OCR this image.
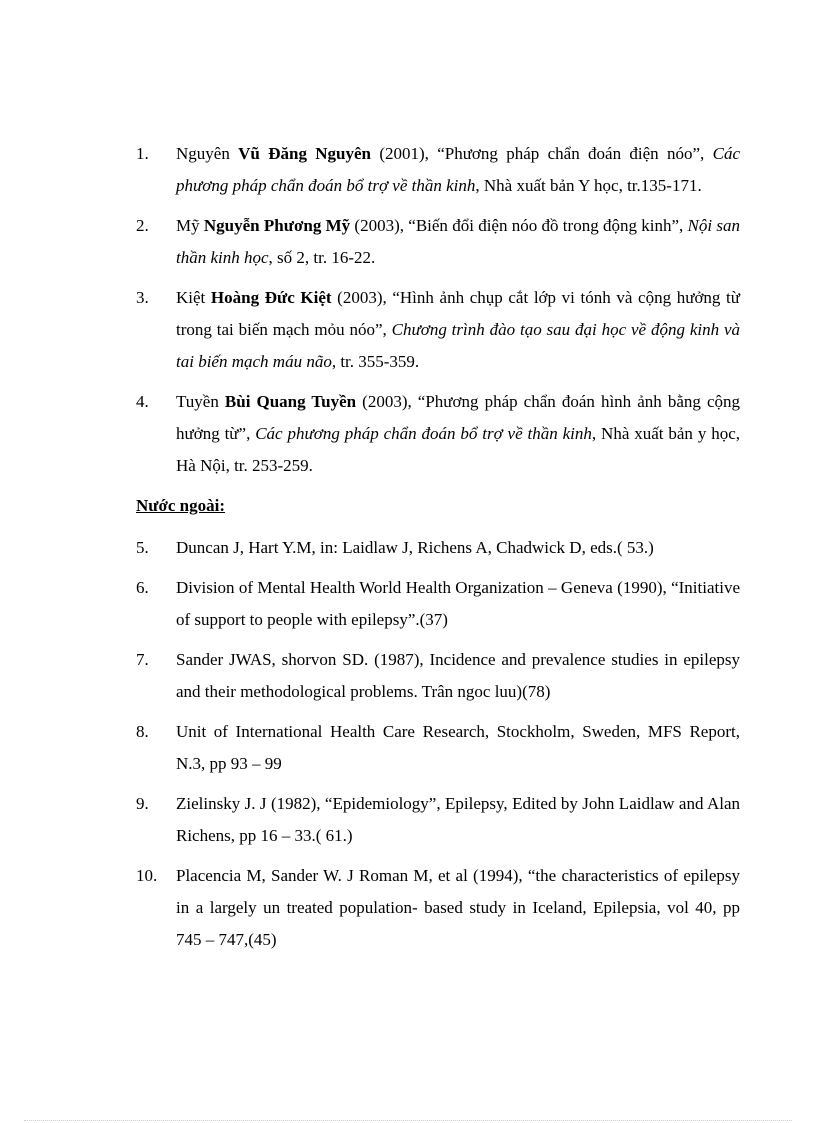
1. Nguyên Vũ Đăng Nguyên (2001), “Phương pháp chẩn đoán điện nóo”, Các phương pháp chẩn đoán bổ trợ về thần kinh, Nhà xuất bản Y học, tr.135-171.
2. Mỹ Nguyễn Phương Mỹ (2003), “Biến đổi điện nóo đồ trong động kinh”, Nội san thần kinh học, số 2, tr. 16-22.
3. Kiệt Hoàng Đức Kiệt (2003), “Hình ảnh chụp cắt lớp vi tónh và cộng hưởng từ trong tai biến mạch mỏu nóo”, Chương trình đào tạo sau đại học về động kinh và tai biến mạch máu não, tr. 355-359.
4. Tuyền Bùi Quang Tuyền (2003), “Phương pháp chẩn đoán hình ảnh bằng cộng hưởng từ”, Các phương pháp chẩn đoán bổ trợ về thần kinh, Nhà xuất bản y học, Hà Nội, tr. 253-259.
Nước ngoài:
5. Duncan J, Hart Y.M, in: Laidlaw J, Richens A, Chadwick D, eds.( 53.)
6. Division of Mental Health World Health Organization – Geneva (1990), “Initiative of support to people with epilepsy”.(37)
7. Sander JWAS, shorvon SD. (1987), Incidence and prevalence studies in epilepsy and their methodological problems. Trân ngoc luu)(78)
8. Unit of International Health Care Research, Stockholm, Sweden, MFS Report, N.3, pp 93 – 99
9. Zielinsky J. J (1982), “Epidemiology”, Epilepsy, Edited by John Laidlaw and Alan Richens, pp 16 – 33.( 61.)
10. Placencia M, Sander W. J Roman M, et al (1994), “the characteristics of epilepsy in a largely un treated population- based study in Iceland, Epilepsia, vol 40, pp 745 – 747,(45)
